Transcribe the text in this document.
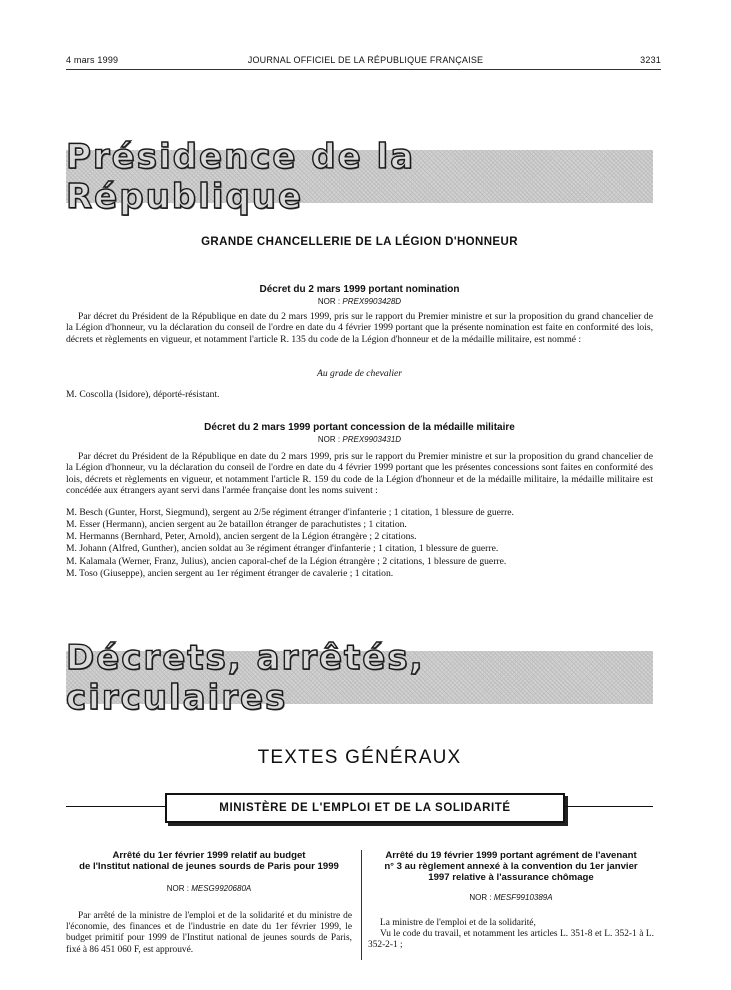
4 mars 1999	JOURNAL OFFICIEL DE LA RÉPUBLIQUE FRANÇAISE	3231
Présidence de la République
GRANDE CHANCELLERIE DE LA LÉGION D'HONNEUR
Décret du 2 mars 1999 portant nomination
NOR : PREX9903428D

Par décret du Président de la République en date du 2 mars 1999, pris sur le rapport du Premier ministre et sur la proposition du grand chancelier de la Légion d'honneur, vu la déclaration du conseil de l'ordre en date du 4 février 1999 portant que la présente nomination est faite en conformité des lois, décrets et règlements en vigueur, et notamment l'article R. 135 du code de la Légion d'honneur et de la médaille militaire, est nommé :

Au grade de chevalier
M. Coscolla (Isidore), déporté-résistant.
Décret du 2 mars 1999 portant concession de la médaille militaire
NOR : PREX9903431D

Par décret du Président de la République en date du 2 mars 1999, pris sur le rapport du Premier ministre et sur la proposition du grand chancelier de la Légion d'honneur, vu la déclaration du conseil de l'ordre en date du 4 février 1999 portant que les présentes concessions sont faites en conformité des lois, décrets et règlements en vigueur, et notamment l'article R. 159 du code de la Légion d'honneur et de la médaille militaire, la médaille militaire est concédée aux étrangers ayant servi dans l'armée française dont les noms suivent :

M. Besch (Gunter, Horst, Siegmund), sergent au 2/5e régiment étranger d'infanterie ; 1 citation, 1 blessure de guerre.
M. Esser (Hermann), ancien sergent au 2e bataillon étranger de parachutistes ; 1 citation.
M. Hermanns (Bernhard, Peter, Arnold), ancien sergent de la Légion étrangère ; 2 citations.
M. Johann (Alfred, Gunther), ancien soldat au 3e régiment étranger d'infanterie ; 1 citation, 1 blessure de guerre.
M. Kalamala (Werner, Franz, Julius), ancien caporal-chef de la Légion étrangère ; 2 citations, 1 blessure de guerre.
M. Toso (Giuseppe), ancien sergent au 1er régiment étranger de cavalerie ; 1 citation.
Décrets, arrêtés, circulaires
TEXTES GÉNÉRAUX
MINISTÈRE DE L'EMPLOI ET DE LA SOLIDARITÉ
Arrêté du 1er février 1999 relatif au budget
de l'Institut national de jeunes sourds de Paris pour 1999
NOR : MESG9920680A

Par arrêté de la ministre de l'emploi et de la solidarité et du ministre de l'économie, des finances et de l'industrie en date du 1er février 1999, le budget primitif pour 1999 de l'Institut national de jeunes sourds de Paris, fixé à 86 451 060 F, est approuvé.

Arrêté du 19 février 1999 portant agrément de l'avenant
n° 3 au règlement annexé à la convention du 1er janvier
1997 relative à l'assurance chômage
NOR : MESF9910389A

La ministre de l'emploi et de la solidarité,

Vu le code du travail, et notamment les articles L. 351-8 et L. 352-1 à L. 352-2-1 ;
